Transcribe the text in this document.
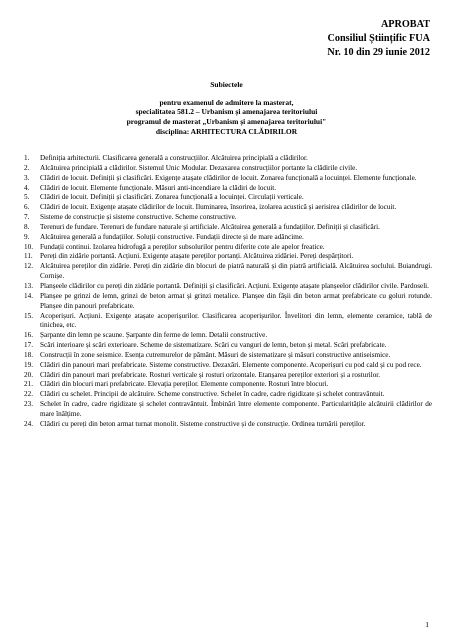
APROBAT
Consiliul Științific FUA
Nr. 10 din 29 iunie 2012
Subiectele
pentru examenul de admitere la masterat,
specialitatea 581.2 – Urbanism și amenajarea teritoriului
programul de masterat „Urbanism și amenajarea teritoriului"
disciplina: ARHITECTURA CLĂDIRILOR
1. Definiția arhitecturii. Clasificarea generală a construcțiilor. Alcătuirea principială a clădirilor.
2. Alcătuirea principială a clădirilor. Sistemul Unic Modular. Dezaxarea construcțiilor portante la clădirile civile.
3. Clădiri de locuit. Definiții și clasificări. Exigențe atașate clădirilor de locuit. Zonarea funcțională a locuinței. Elemente funcționale.
4. Clădiri de locuit. Elemente funcționale. Măsuri anti-incendiare la clădiri de locuit.
5. Clădiri de locuit. Definiții și clasificări. Zonarea funcțională a locuinței. Circulații verticale.
6. Clădiri de locuit. Exigențe atașate clădirilor de locuit. Iluminarea, însorirea, izolarea acustică și aerisirea clădirilor de locuit.
7. Sisteme de construcție și sisteme constructive. Scheme constructive.
8. Terenuri de fundare. Terenuri de fundare naturale și artificiale. Alcătuirea generală a fundațiilor. Definiții și clasificări.
9. Alcătuirea generală a fundațiilor. Soluții constructive. Fundații directe și de mare adâncime.
10. Fundații continui. Izolarea hidrofugă a pereților subsolurilor pentru diferite cote ale apelor freatice.
11. Pereți din zidărie portantă. Acțiuni. Exigențe atașate pereților portanți. Alcătuirea zidăriei. Pereți despărțitori.
12. Alcătuirea pereților din zidărie. Pereți din zidărie din blocuri de piatră naturală și din piatră artificială. Alcătuirea soclului. Buiandrugi. Cornișe.
13. Planșeele clădirilor cu pereți din zidărie portantă. Definiții și clasificări. Acțiuni. Exigențe atașate planșeelor clădirilor civile. Pardoseli.
14. Planșee pe grinzi de lemn, grinzi de beton armat și grinzi metalice. Planșee din fâșii din beton armat prefabricate cu goluri rotunde. Planșee din panouri prefabricate.
15. Acoperișuri. Acțiuni. Exigențe atașate acoperișurilor. Clasificarea acoperișurilor. Învelitori din lemn, elemente ceramice, tablă de tinichea, etc.
16. Șarpante din lemn pe scaune. Șarpante din ferme de lemn. Detalii constructive.
17. Scări interioare și scări exterioare. Scheme de sistematizare. Scări cu vanguri de lemn, beton și metal. Scări prefabricate.
18. Construcții în zone seismice. Esența cutremurelor de pământ. Măsuri de sistematizare și măsuri constructive antiseismice.
19. Clădiri din panouri mari prefabricate. Sisteme constructive. Dezaxări. Elemente componente. Acoperișuri cu pod cald și cu pod rece.
20. Clădiri din panouri mari prefabricate. Rosturi verticale și rosturi orizontale. Etanșarea pereților exteriori și a rosturilor.
21. Clădiri din blocuri mari prefabricate. Elevația pereților. Elemente componente. Rosturi între blocuri.
22. Clădiri cu schelet. Principii de alcătuire. Scheme constructive. Schelet în cadre, cadre rigidizate și schelet contravântuit.
23. Schelet în cadre, cadre rigidizate și schelet contravântuit. Îmbinări între elemente componente. Particularitățile alcătuirii clădirilor de mare înălțime.
24. Clădiri cu pereți din beton armat turnat monolit. Sisteme constructive și de construcție. Ordinea turnării pereților.
1
